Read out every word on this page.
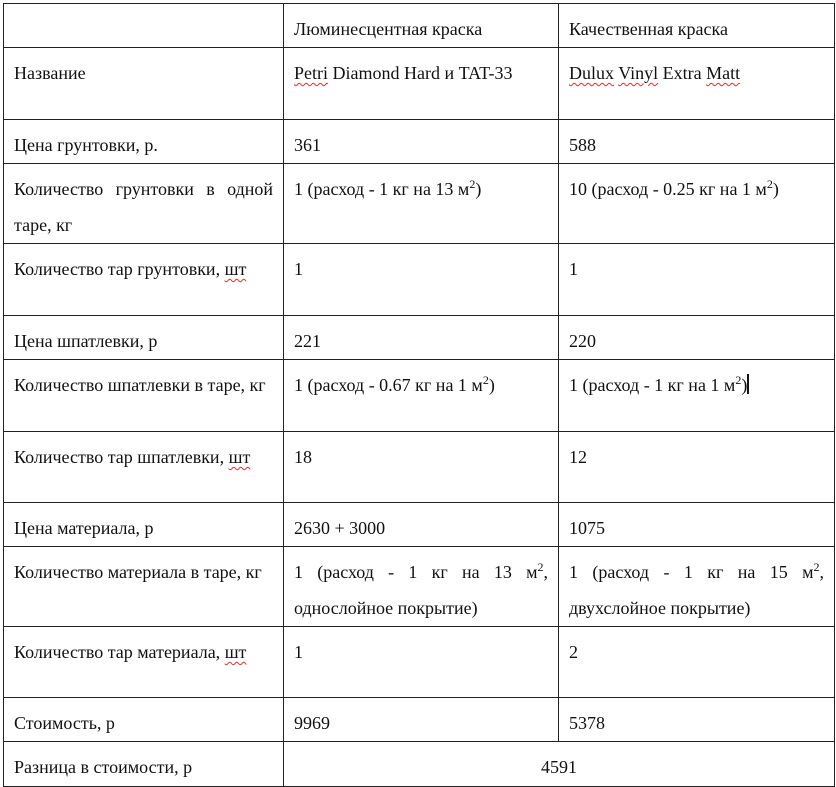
	Люминесцентная краска	Качественная краска
Название	Petri Diamond Hard и TAT-33	Dulux Vinyl Extra Matt
Цена грунтовки, р.	361	588
Количество грунтовки в одной таре, кг	1 (расход - 1 кг на 13 $м^2$)	10 (расход - 0.25 кг на 1 $м^2$)
Количество тар грунтовки, шт	1	1
Цена шпатлевки, р	221	220
Количество шпатлевки в таре, кг	1 (расход - 0.67 кг на 1 $м^2$)	1 (расход - 1 кг на 1 $м^2$)
Количество тар шпатлевки, шт	18	12
Цена материала, р	2630 + 3000	1075
Количество материала в таре, кг	1 (расход - 1 кг на 13 $м^2$, однослойное покрытие)	1 (расход - 1 кг на 15 $м^2$, двухслойное покрытие)
Количество тар материала, шт	1	2
Стоимость, р	9969	5378
Разница в стоимости, р	4591	
